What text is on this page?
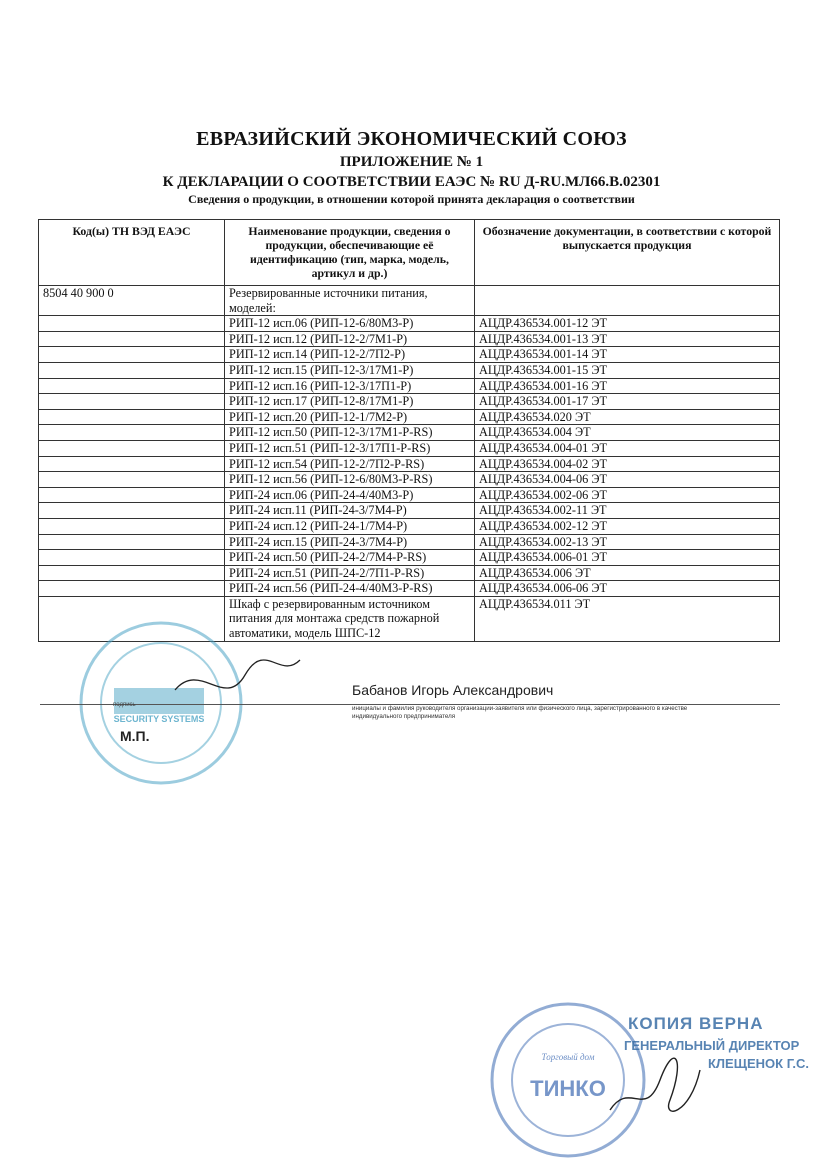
ЕВРАЗИЙСКИЙ ЭКОНОМИЧЕСКИЙ СОЮЗ
ПРИЛОЖЕНИЕ № 1
К ДЕКЛАРАЦИИ О СООТВЕТСТВИИ ЕАЭС № RU Д-RU.МЛ66.В.02301
Сведения о продукции, в отношении которой принята декларация о соответствии
Код(ы) ТН ВЭД ЕАЭС	Наименование продукции, сведения о продукции, обеспечивающие её идентификацию (тип, марка, модель, артикул и др.)	Обозначение документации, в соответствии с которой выпускается продукция
8504 40 900 0	Резервированные источники питания, моделей:	
	РИП-12 исп.06 (РИП-12-6/80М3-Р)	АЦДР.436534.001-12 ЭТ
	РИП-12 исп.12 (РИП-12-2/7М1-Р)	АЦДР.436534.001-13 ЭТ
	РИП-12 исп.14 (РИП-12-2/7П2-Р)	АЦДР.436534.001-14 ЭТ
	РИП-12 исп.15 (РИП-12-3/17М1-Р)	АЦДР.436534.001-15 ЭТ
	РИП-12 исп.16 (РИП-12-3/17П1-Р)	АЦДР.436534.001-16 ЭТ
	РИП-12 исп.17 (РИП-12-8/17М1-Р)	АЦДР.436534.001-17 ЭТ
	РИП-12 исп.20 (РИП-12-1/7М2-Р)	АЦДР.436534.020 ЭТ
	РИП-12 исп.50 (РИП-12-3/17М1-Р-RS)	АЦДР.436534.004 ЭТ
	РИП-12 исп.51 (РИП-12-3/17П1-Р-RS)	АЦДР.436534.004-01 ЭТ
	РИП-12 исп.54 (РИП-12-2/7П2-Р-RS)	АЦДР.436534.004-02 ЭТ
	РИП-12 исп.56 (РИП-12-6/80М3-Р-RS)	АЦДР.436534.004-06 ЭТ
	РИП-24 исп.06 (РИП-24-4/40М3-Р)	АЦДР.436534.002-06 ЭТ
	РИП-24 исп.11 (РИП-24-3/7М4-Р)	АЦДР.436534.002-11 ЭТ
	РИП-24 исп.12 (РИП-24-1/7М4-Р)	АЦДР.436534.002-12 ЭТ
	РИП-24 исп.15 (РИП-24-3/7М4-Р)	АЦДР.436534.002-13 ЭТ
	РИП-24 исп.50 (РИП-24-2/7М4-Р-RS)	АЦДР.436534.006-01 ЭТ
	РИП-24 исп.51 (РИП-24-2/7П1-Р-RS)	АЦДР.436534.006 ЭТ
	РИП-24 исп.56 (РИП-24-4/40М3-Р-RS)	АЦДР.436534.006-06 ЭТ
	Шкаф с резервированным источником питания для монтажа средств пожарной автоматики, модель ШПС-12	АЦДР.436534.011 ЭТ
SECURITY SYSTEMS
Бабанов Игорь Александрович
подпись	инициалы и фамилия руководителя организации-заявителя или физического лица, зарегистрированного в качестве индивидуального предпринимателя
М.П.
Торговый дом
ТИНКО
КОПИЯ ВЕРНА
ГЕНЕРАЛЬНЫЙ ДИРЕКТОР
КЛЕЩЕНОК Г.С.
